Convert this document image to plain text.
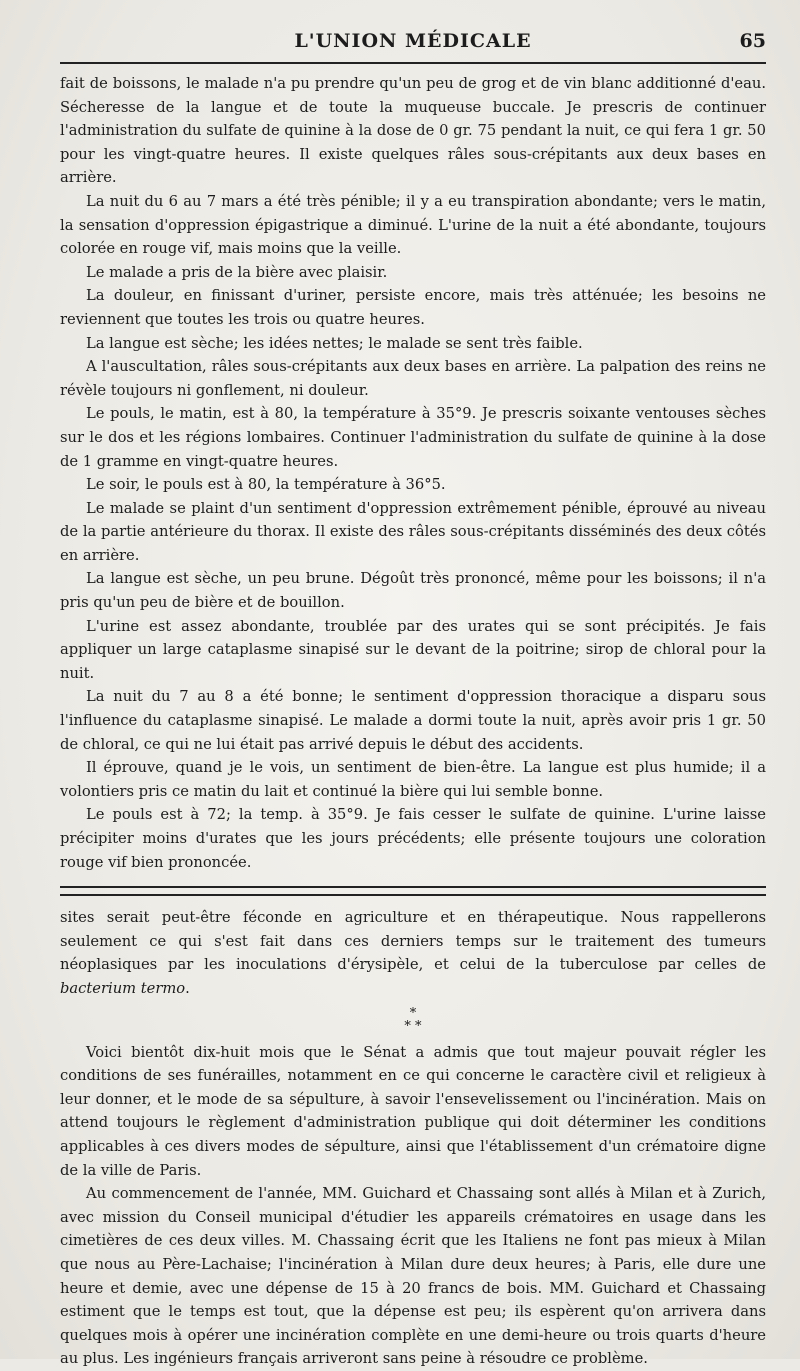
L'UNION MÉDICALE	65

fait de boissons, le malade n'a pu prendre qu'un peu de grog et de vin blanc additionné d'eau. Sécheresse de la langue et de toute la muqueuse buccale. Je prescris de continuer l'administration du sulfate de quinine à la dose de 0 gr. 75 pendant la nuit, ce qui fera 1 gr. 50 pour les vingt-quatre heures. Il existe quelques râles sous-crépitants aux deux bases en arrière.

La nuit du 6 au 7 mars a été très pénible; il y a eu transpiration abondante; vers le matin, la sensation d'oppression épigastrique a diminué. L'urine de la nuit a été abondante, toujours colorée en rouge vif, mais moins que la veille.

Le malade a pris de la bière avec plaisir.

La douleur, en finissant d'uriner, persiste encore, mais très atténuée; les besoins ne reviennent que toutes les trois ou quatre heures.

La langue est sèche; les idées nettes; le malade se sent très faible.

A l'auscultation, râles sous-crépitants aux deux bases en arrière. La palpation des reins ne révèle toujours ni gonflement, ni douleur.

Le pouls, le matin, est à 80, la température à 35°9. Je prescris soixante ventouses sèches sur le dos et les régions lombaires. Continuer l'administration du sulfate de quinine à la dose de 1 gramme en vingt-quatre heures.

Le soir, le pouls est à 80, la température à 36°5.

Le malade se plaint d'un sentiment d'oppression extrêmement pénible, éprouvé au niveau de la partie antérieure du thorax. Il existe des râles sous-crépitants disséminés des deux côtés en arrière.

La langue est sèche, un peu brune. Dégoût très prononcé, même pour les boissons; il n'a pris qu'un peu de bière et de bouillon.

L'urine est assez abondante, troublée par des urates qui se sont précipités. Je fais appliquer un large cataplasme sinapisé sur le devant de la poitrine; sirop de chloral pour la nuit.

La nuit du 7 au 8 a été bonne; le sentiment d'oppression thoracique a disparu sous l'influence du cataplasme sinapisé. Le malade a dormi toute la nuit, après avoir pris 1 gr. 50 de chloral, ce qui ne lui était pas arrivé depuis le début des accidents.

Il éprouve, quand je le vois, un sentiment de bien-être. La langue est plus humide; il a volontiers pris ce matin du lait et continué la bière qui lui semble bonne.

Le pouls est à 72; la temp. à 35°9. Je fais cesser le sulfate de quinine. L'urine laisse précipiter moins d'urates que les jours précédents; elle présente toujours une coloration rouge vif bien prononcée.

sites serait peut-être féconde en agriculture et en thérapeutique. Nous rappellerons seulement ce qui s'est fait dans ces derniers temps sur le traitement des tumeurs néoplasiques par les inoculations d'érysipèle, et celui de la tuberculose par celles de bacterium termo.

*
* *

Voici bientôt dix-huit mois que le Sénat a admis que tout majeur pouvait régler les conditions de ses funérailles, notamment en ce qui concerne le caractère civil et religieux à leur donner, et le mode de sa sépulture, à savoir l'ensevelissement ou l'incinération. Mais on attend toujours le règlement d'administration publique qui doit déterminer les conditions applicables à ces divers modes de sépulture, ainsi que l'établissement d'un crématoire digne de la ville de Paris.

Au commencement de l'année, MM. Guichard et Chassaing sont allés à Milan et à Zurich, avec mission du Conseil municipal d'étudier les appareils crématoires en usage dans les cimetières de ces deux villes. M. Chassaing écrit que les Italiens ne font pas mieux à Milan que nous au Père-Lachaise; l'incinération à Milan dure deux heures; à Paris, elle dure une heure et demie, avec une dépense de 15 à 20 francs de bois. MM. Guichard et Chassaing estiment que le temps est tout, que la dépense est peu; ils espèrent qu'on arrivera dans quelques mois à opérer une incinération complète en une demi-heure ou trois quarts d'heure au plus. Les ingénieurs français arriveront sans peine à résoudre ce problème.
